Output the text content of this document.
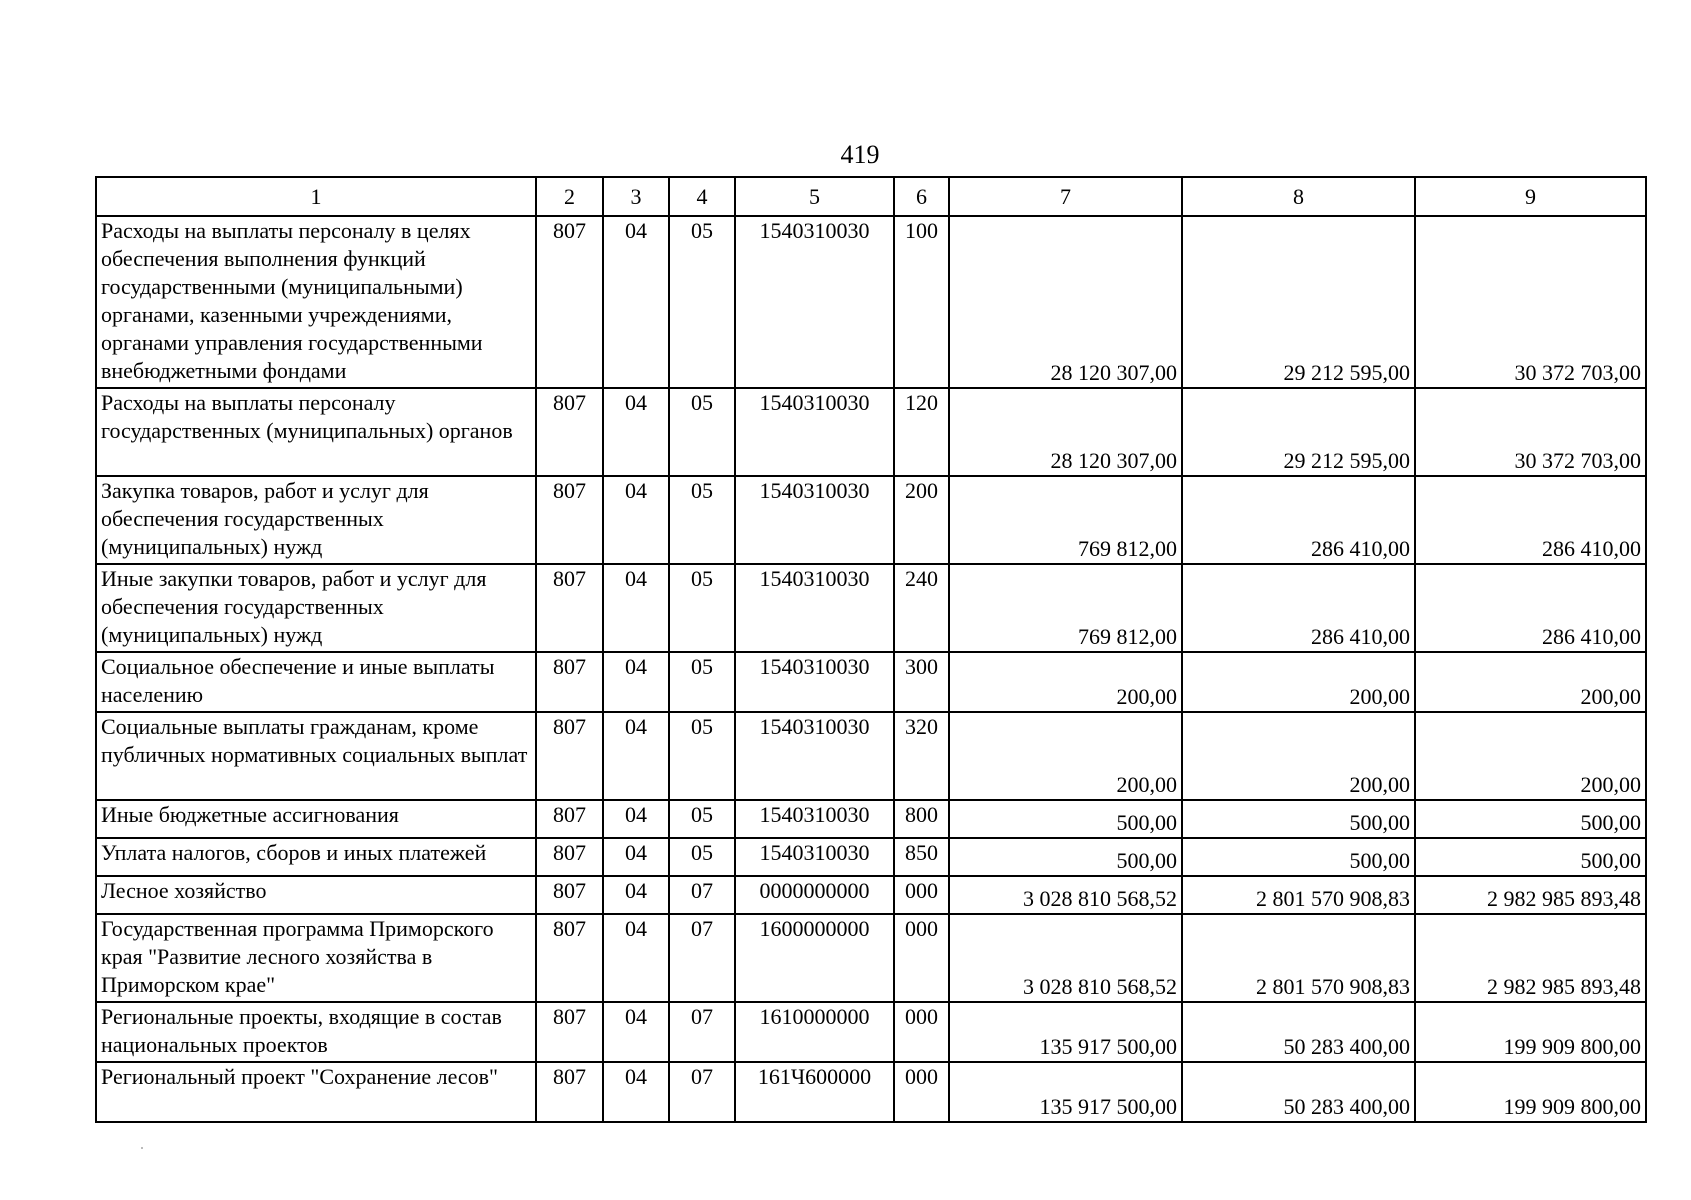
419
1	2	3	4	5	6	7	8	9
Расходы на выплаты персоналу в целях обеспечения выполнения функций государственными (муниципальными) органами, казенными учреждениями, органами управления государственными внебюджетными фондами	807	04	05	1540310030	100	28 120 307,00	29 212 595,00	30 372 703,00
Расходы на выплаты персоналу государственных (муниципальных) органов	807	04	05	1540310030	120	28 120 307,00	29 212 595,00	30 372 703,00
Закупка товаров, работ и услуг для обеспечения государственных (муниципальных) нужд	807	04	05	1540310030	200	769 812,00	286 410,00	286 410,00
Иные закупки товаров, работ и услуг для обеспечения государственных (муниципальных) нужд	807	04	05	1540310030	240	769 812,00	286 410,00	286 410,00
Социальное обеспечение и иные выплаты населению	807	04	05	1540310030	300	200,00	200,00	200,00
Социальные выплаты гражданам, кроме публичных нормативных социальных выплат	807	04	05	1540310030	320	200,00	200,00	200,00
Иные бюджетные ассигнования	807	04	05	1540310030	800	500,00	500,00	500,00
Уплата налогов, сборов и иных платежей	807	04	05	1540310030	850	500,00	500,00	500,00
Лесное хозяйство	807	04	07	0000000000	000	3 028 810 568,52	2 801 570 908,83	2 982 985 893,48
Государственная программа Приморского края "Развитие лесного хозяйства в Приморском крае"	807	04	07	1600000000	000	3 028 810 568,52	2 801 570 908,83	2 982 985 893,48
Региональные проекты, входящие в состав национальных проектов	807	04	07	1610000000	000	135 917 500,00	50 283 400,00	199 909 800,00
Региональный проект "Сохранение лесов"	807	04	07	161Ч600000	000	135 917 500,00	50 283 400,00	199 909 800,00
